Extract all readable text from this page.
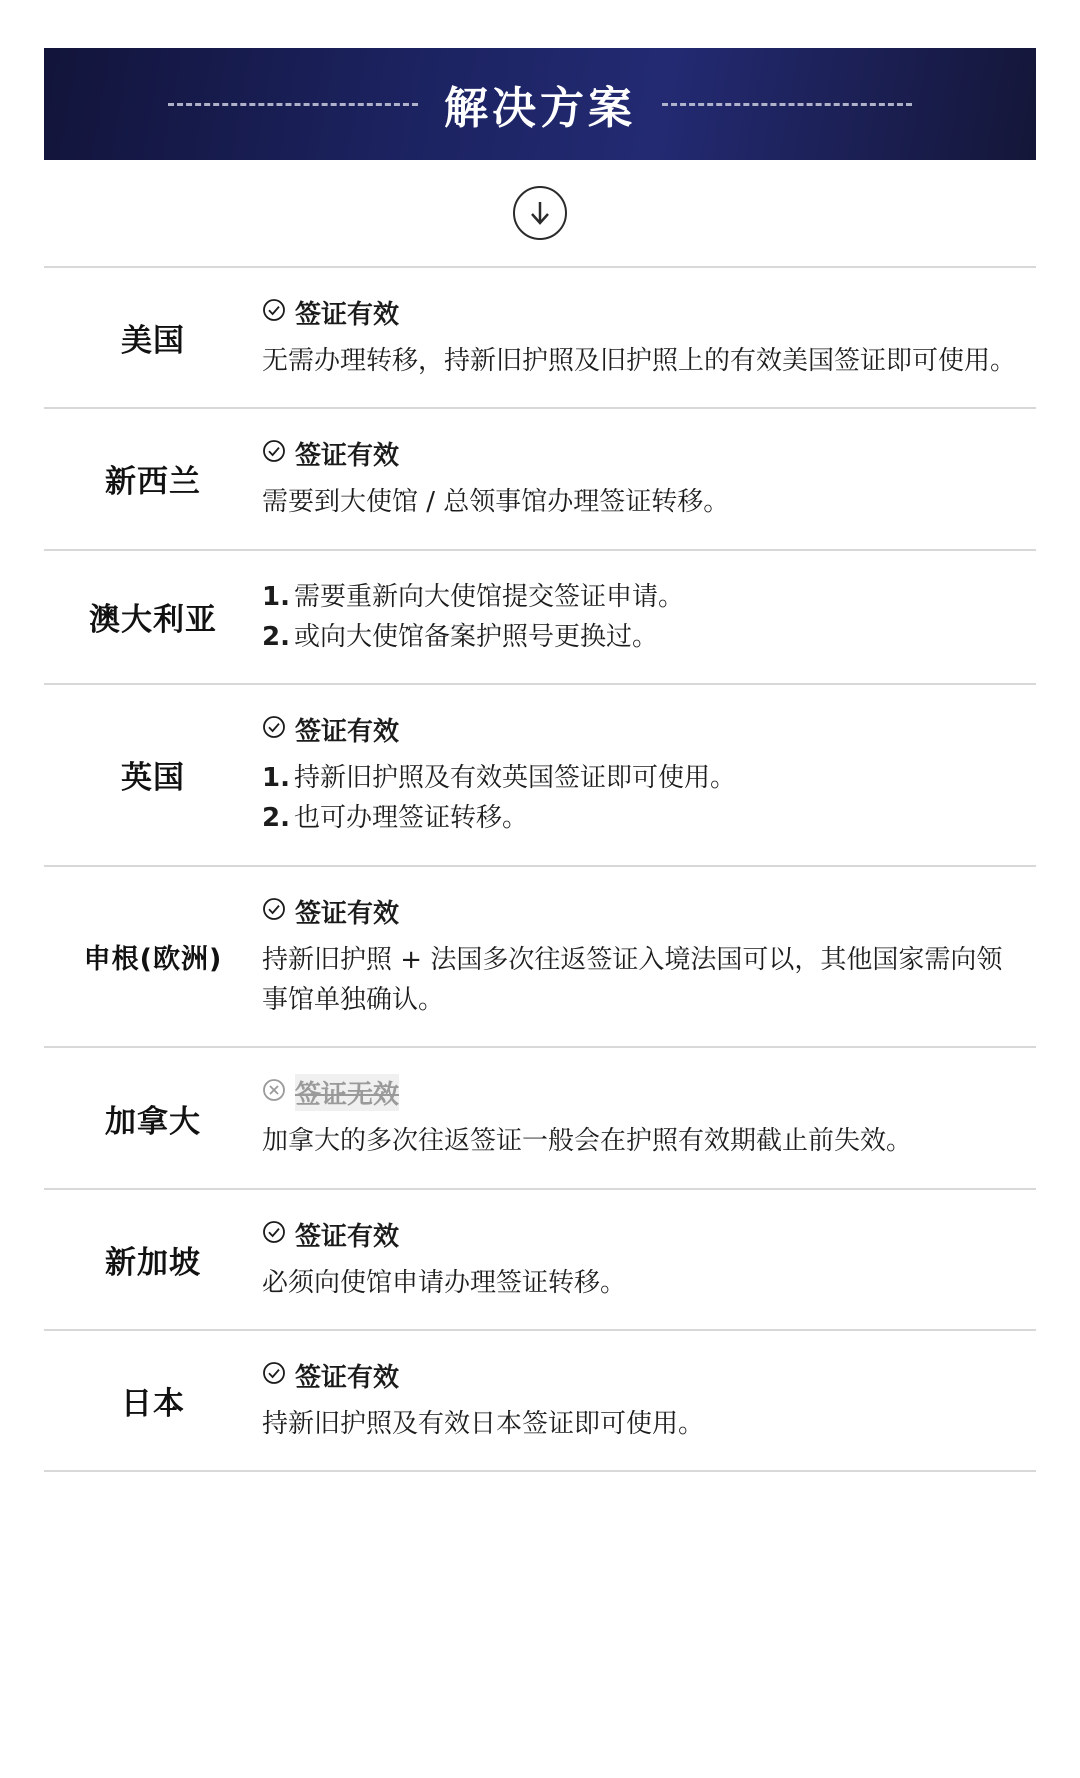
解决方案
美国
签证有效
无需办理转移，持新旧护照及旧护照上的有效美国签证即可使用。
新西兰
签证有效
需要到大使馆 / 总领事馆办理签证转移。
澳大利亚
1. 需要重新向大使馆提交签证申请。
2. 或向大使馆备案护照号更换过。
英国
签证有效
1. 持新旧护照及有效英国签证即可使用。
2. 也可办理签证转移。
申根(欧洲)
签证有效
持新旧护照 + 法国多次往返签证入境法国可以，其他国家需向领事馆单独确认。
加拿大
签证无效
加拿大的多次往返签证一般会在护照有效期截止前失效。
新加坡
签证有效
必须向使馆申请办理签证转移。
日本
签证有效
持新旧护照及有效日本签证即可使用。
